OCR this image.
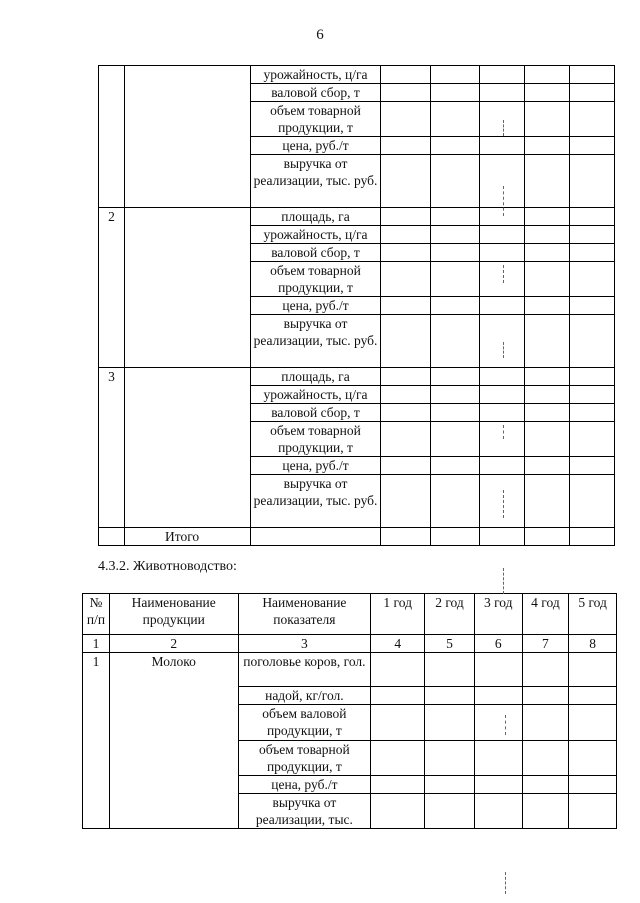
6
		урожайность, ц/га					
		валовой сбор, т					
		объем товарной продукции, т					
		цена, руб./т					
		выручка от реализации, тыс. руб.					
2		площадь, га					
		урожайность, ц/га					
		валовой сбор, т					
		объем товарной продукции, т					
		цена, руб./т					
		выручка от реализации, тыс. руб.					
3		площадь, га					
		урожайность, ц/га					
		валовой сбор, т					
		объем товарной продукции, т					
		цена, руб./т					
		выручка от реализации, тыс. руб.					
	Итого						
4.3.2. Животноводство:
№ п/п	Наименование продукции	Наименование показателя	1 год	2 год	3 год	4 год	5 год
1	2	3	4	5	6	7	8
1	Молоко	поголовье коров, гол.					
		надой, кг/гол.					
		объем валовой продукции, т					
		объем товарной продукции, т					
		цена, руб./т					
		выручка от реализации, тыс.					
